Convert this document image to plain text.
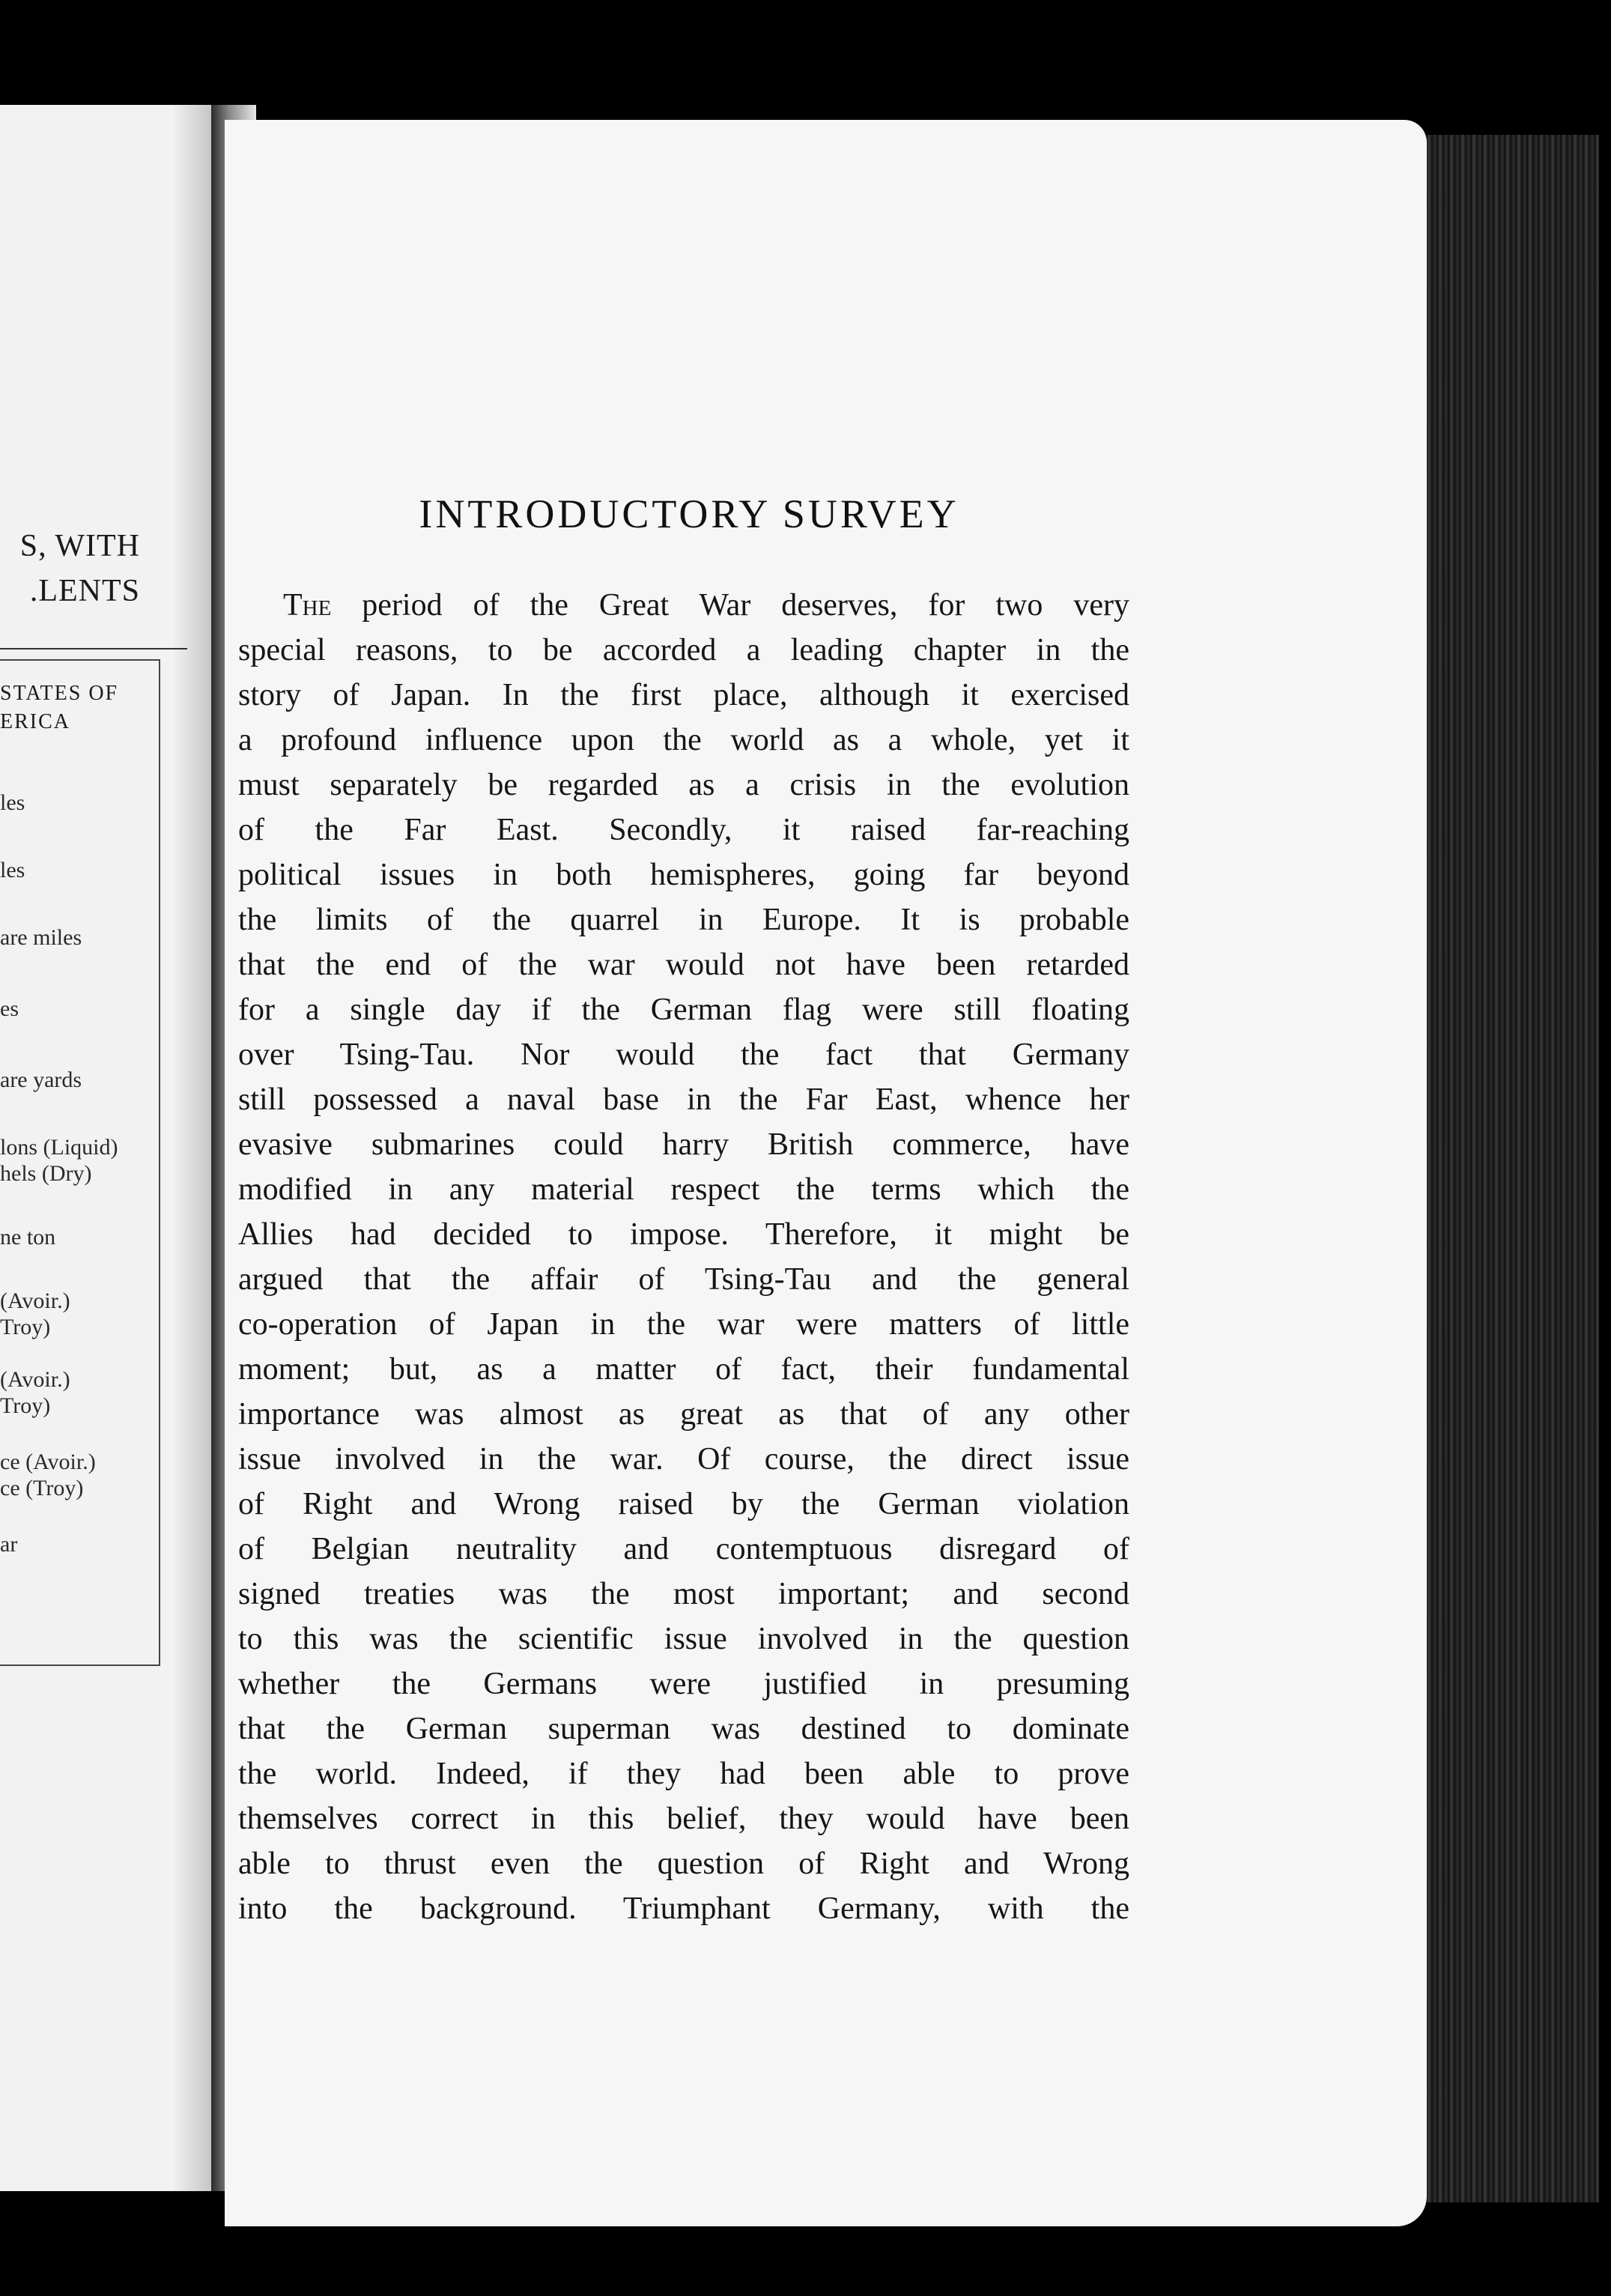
S, WITH
.LENTS
STATES OF
ERICA
les
les
are miles
es
are yards
lons (Liquid)
hels (Dry)
ne ton
(Avoir.)
Troy)
(Avoir.)
Troy)
ce (Avoir.)
ce (Troy)
ar
INTRODUCTORY SURVEY
The period of the Great War deserves, for two very
special reasons, to be accorded a leading chapter in the
story of Japan. In the first place, although it exercised
a profound influence upon the world as a whole, yet it
must separately be regarded as a crisis in the evolution
of the Far East. Secondly, it raised far-reaching
political issues in both hemispheres, going far beyond
the limits of the quarrel in Europe. It is probable
that the end of the war would not have been retarded
for a single day if the German flag were still floating
over Tsing-Tau. Nor would the fact that Germany
still possessed a naval base in the Far East, whence her
evasive submarines could harry British commerce, have
modified in any material respect the terms which the
Allies had decided to impose. Therefore, it might be
argued that the affair of Tsing-Tau and the general
co-operation of Japan in the war were matters of little
moment; but, as a matter of fact, their fundamental
importance was almost as great as that of any other
issue involved in the war. Of course, the direct issue
of Right and Wrong raised by the German violation
of Belgian neutrality and contemptuous disregard of
signed treaties was the most important; and second
to this was the scientific issue involved in the question
whether the Germans were justified in presuming
that the German superman was destined to dominate
the world. Indeed, if they had been able to prove
themselves correct in this belief, they would have been
able to thrust even the question of Right and Wrong
into the background. Triumphant Germany, with the
